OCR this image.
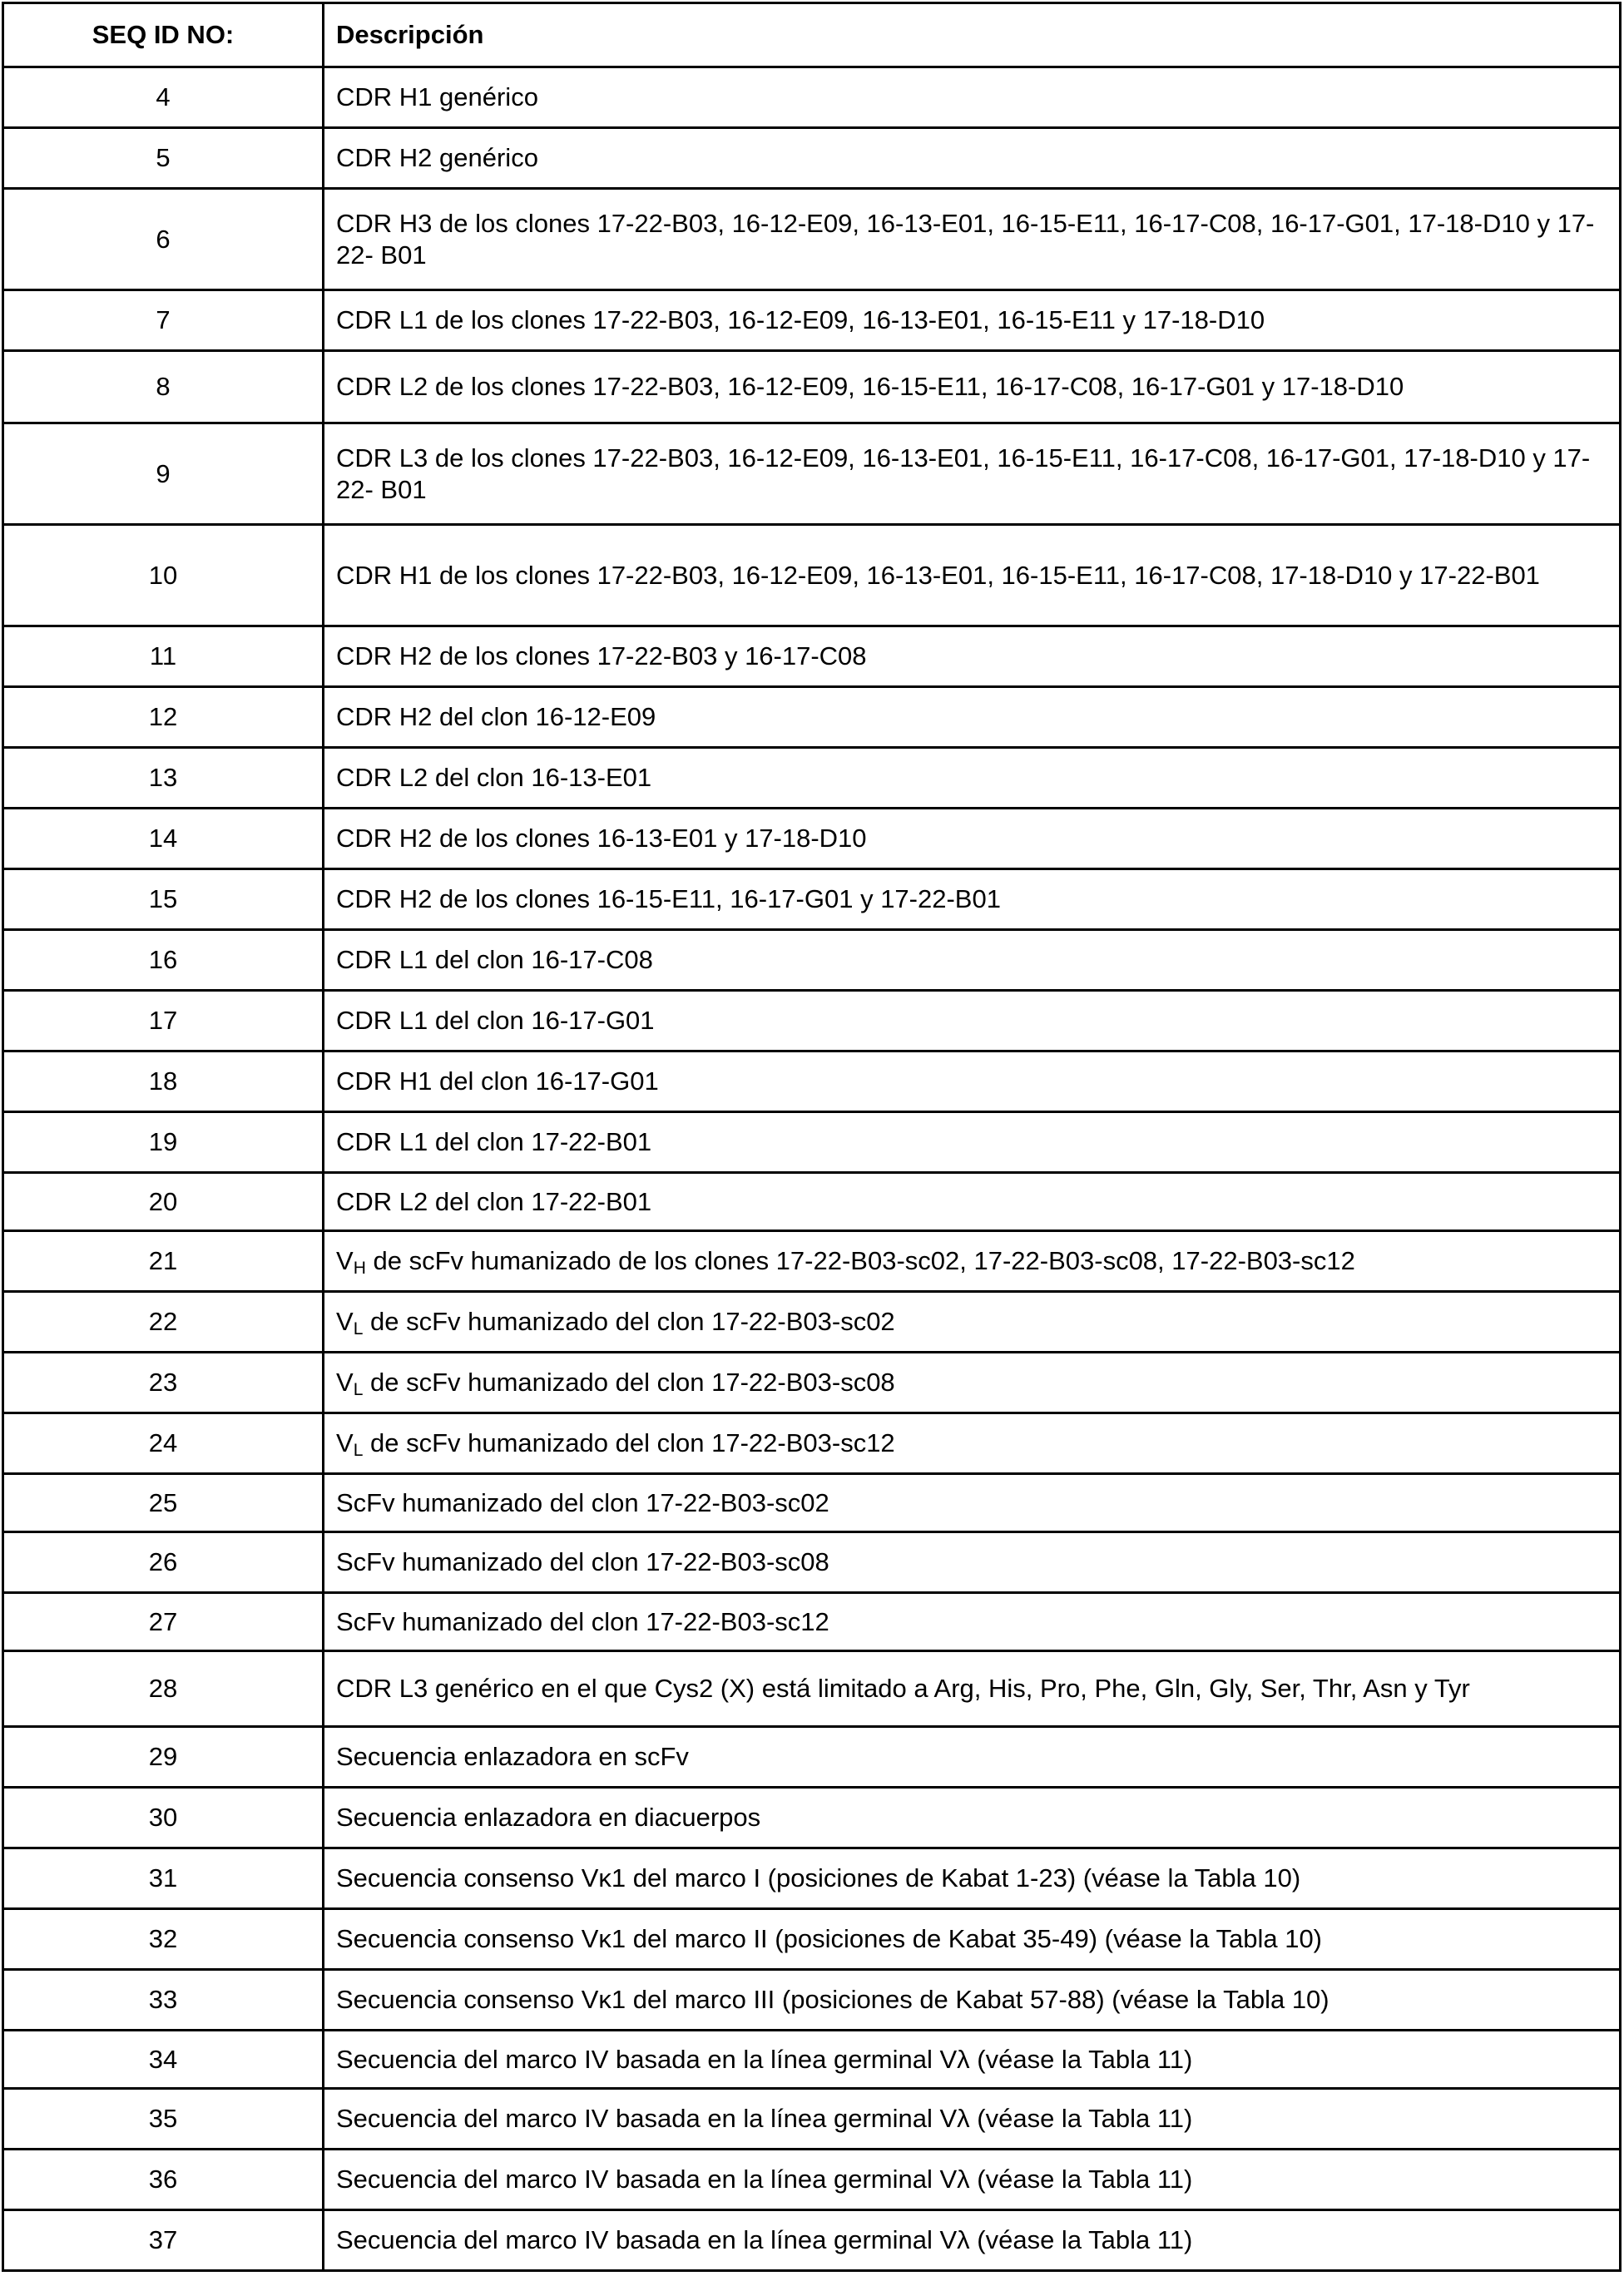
SEQ ID NO:	Descripción
4	CDR H1 genérico
5	CDR H2 genérico
6	CDR H3 de los clones 17-22-B03, 16-12-E09, 16-13-E01, 16-15-E11, 16-17-C08, 16-17-G01, 17-18-D10 y 17-22- B01
7	CDR L1 de los clones 17-22-B03, 16-12-E09, 16-13-E01, 16-15-E11 y 17-18-D10
8	CDR L2 de los clones 17-22-B03, 16-12-E09, 16-15-E11, 16-17-C08, 16-17-G01 y 17-18-D10
9	CDR L3 de los clones 17-22-B03, 16-12-E09, 16-13-E01, 16-15-E11, 16-17-C08, 16-17-G01, 17-18-D10 y 17-22- B01
10	CDR H1 de los clones 17-22-B03, 16-12-E09, 16-13-E01, 16-15-E11, 16-17-C08, 17-18-D10 y 17-22-B01
11	CDR H2 de los clones 17-22-B03 y 16-17-C08
12	CDR H2 del clon 16-12-E09
13	CDR L2 del clon 16-13-E01
14	CDR H2 de los clones 16-13-E01 y 17-18-D10
15	CDR H2 de los clones 16-15-E11, 16-17-G01 y 17-22-B01
16	CDR L1 del clon 16-17-C08
17	CDR L1 del clon 16-17-G01
18	CDR H1 del clon 16-17-G01
19	CDR L1 del clon 17-22-B01
20	CDR L2 del clon 17-22-B01
21	VH de scFv humanizado de los clones 17-22-B03-sc02, 17-22-B03-sc08, 17-22-B03-sc12
22	VL de scFv humanizado del clon 17-22-B03-sc02
23	VL de scFv humanizado del clon 17-22-B03-sc08
24	VL de scFv humanizado del clon 17-22-B03-sc12
25	ScFv humanizado del clon 17-22-B03-sc02
26	ScFv humanizado del clon 17-22-B03-sc08
27	ScFv humanizado del clon 17-22-B03-sc12
28	CDR L3 genérico en el que Cys2 (X) está limitado a Arg, His, Pro, Phe, Gln, Gly, Ser, Thr, Asn y Tyr
29	Secuencia enlazadora en scFv
30	Secuencia enlazadora en diacuerpos
31	Secuencia consenso Vκ1 del marco I (posiciones de Kabat 1-23) (véase la Tabla 10)
32	Secuencia consenso Vκ1 del marco II (posiciones de Kabat 35-49) (véase la Tabla 10)
33	Secuencia consenso Vκ1 del marco III (posiciones de Kabat 57-88) (véase la Tabla 10)
34	Secuencia del marco IV basada en la línea germinal Vλ (véase la Tabla 11)
35	Secuencia del marco IV basada en la línea germinal Vλ (véase la Tabla 11)
36	Secuencia del marco IV basada en la línea germinal Vλ (véase la Tabla 11)
37	Secuencia del marco IV basada en la línea germinal Vλ (véase la Tabla 11)
